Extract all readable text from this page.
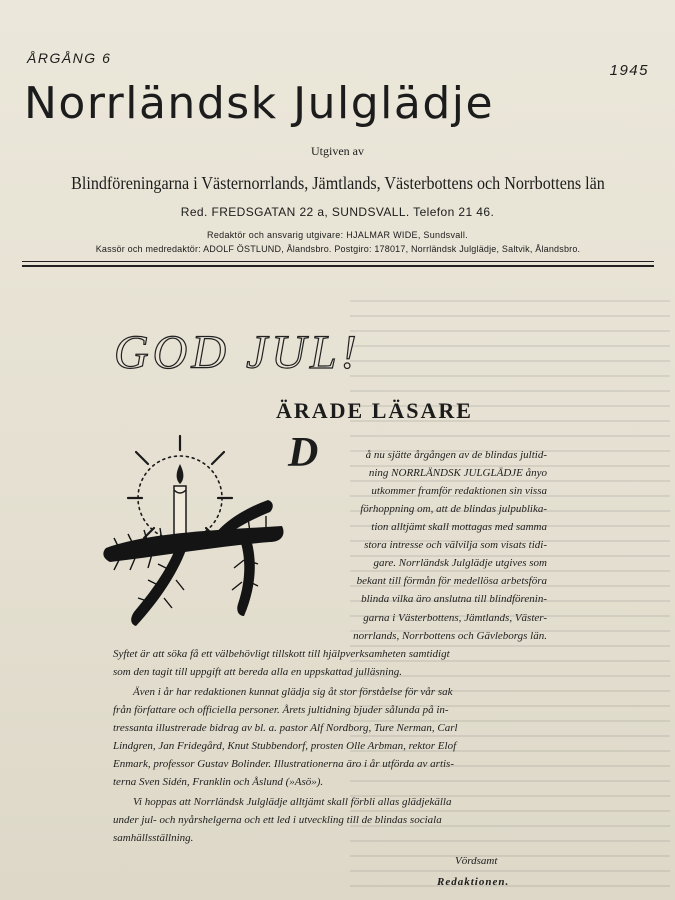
ÅRGÅNG 6
1945
Norrländsk Julglädje
Utgiven av
Blindföreningarna i Västernorrlands, Jämtlands, Västerbottens och Norrbottens län
Red. FREDSGATAN 22 a, SUNDSVALL. Telefon 21 46.
Redaktör och ansvarig utgivare: HJALMAR WIDE, Sundsvall.
Kassör och medredaktör: ADOLF ÖSTLUND, Ålandsbro. Postgiro: 178017, Norrländsk Julglädje, Saltvik, Ålandsbro.
GOD JUL!
ÄRADE LÄSARE
D	å nu sjätte årgången av de blindas jultid-
ning NORRLÄNDSK JULGLÄDJE ånyo
utkommer framför redaktionen sin vissa
förhoppning om, att de blindas julpublika-
tion alltjämt skall mottagas med samma
stora intresse och välvilja som visats tidi-
gare. Norrländsk Julglädje utgives som
bekant till förmån för medellösa arbetsföra
blinda vilka äro anslutna till blindförenin-
garna i Västerbottens, Jämtlands, Väster-
norrlands, Norrbottens och Gävleborgs län.
Syftet är att söka få ett välbehövligt tillskott till hjälpverksamheten samtidigt
som den tagit till uppgift att bereda alla en uppskattad julläsning.
Även i år har redaktionen kunnat glädja sig åt stor förståelse för vår sak
från författare och officiella personer. Årets jultidning bjuder sålunda på in-
tressanta illustrerade bidrag av bl. a. pastor Alf Nordborg, Ture Nerman, Carl
Lindgren, Jan Fridegård, Knut Stubbendorf, prosten Olle Arbman, rektor Elof
Enmark, professor Gustav Bolinder. Illustrationerna äro i år utförda av artis-
terna Sven Sidén, Franklin och Åslund (»Asö»).
Vi hoppas att Norrländsk Julglädje alltjämt skall förbli allas glädjekälla
under jul- och nyårshelgerna och ett led i utveckling till de blindas sociala
samhällsställning.
Vördsamt
Redaktionen.
